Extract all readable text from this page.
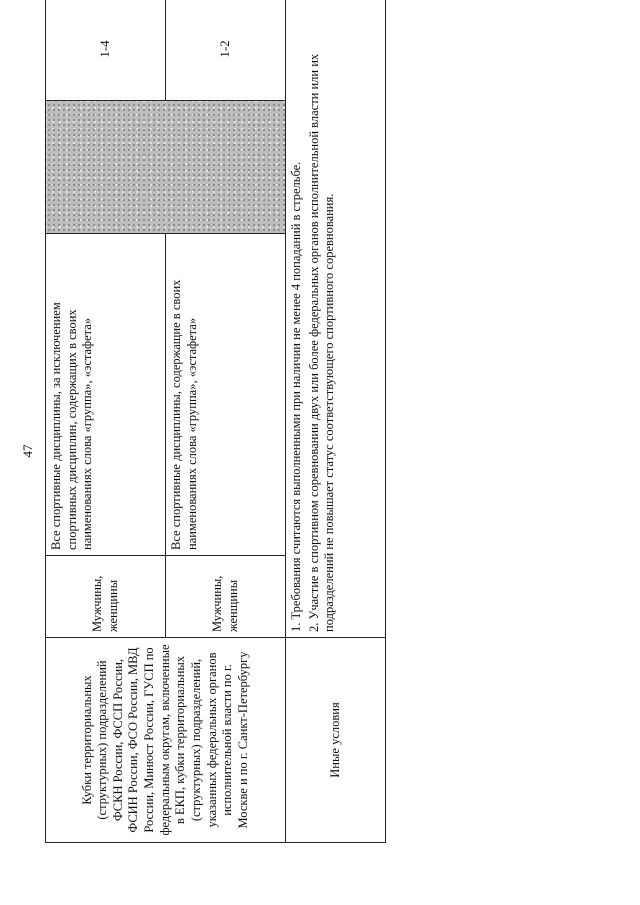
47
Кубки территориальных (структурных) подразделений ФСКН России, ФССП России, ФСИН России, ФСО России, МВД России, Минюст России, ГУСП по федеральным округам, включенные в ЕКП, кубки территориальных (структурных) подразделений, указанных федеральных органов исполнительной власти по г. Москве и по г. Санкт-Петербургу	Мужчины, женщины	Все спортивные дисциплины, за исключением спортивных дисциплин, содержащих в своих наименованиях слова «группа», «эстафета»		1-4
	Мужчины, женщины	Все спортивные дисциплины, содержащие в своих наименованиях слова «группа», «эстафета»		1-2
Иные условия	1. Требования считаются выполненными при наличии не менее 4 попаданий в стрельбе. 2. Участие в спортивном соревновании двух или более федеральных органов исполнительной власти или их подразделений не повышает статус соответствующего спортивного соревнования.			
